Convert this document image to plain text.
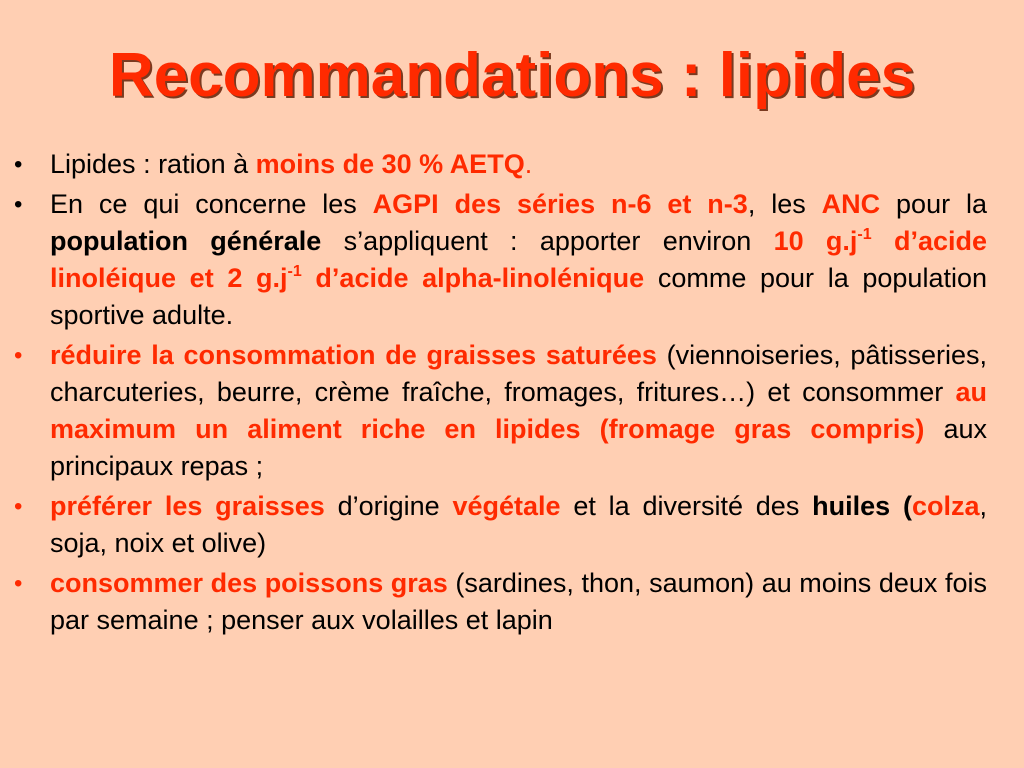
Recommandations : lipides
• Lipides : ration à moins de 30 % AETQ.
• En ce qui concerne les AGPI des séries n-6 et n-3, les ANC pour la population générale s’appliquent : apporter environ 10 $g.j^{-1}$ d’acide linoléique et 2 $g.j^{-1}$ d’acide alpha-linolénique comme pour la population sportive adulte.
• réduire la consommation de graisses saturées (viennoiseries, pâtisseries, charcuteries, beurre, crème fraîche, fromages, fritures…) et consommer au maximum un aliment riche en lipides (fromage gras compris) aux principaux repas ;
• préférer les graisses d’origine végétale et la diversité des huiles (colza, soja, noix et olive)
• consommer des poissons gras (sardines, thon, saumon) au moins deux fois par semaine ; penser aux volailles et lapin
